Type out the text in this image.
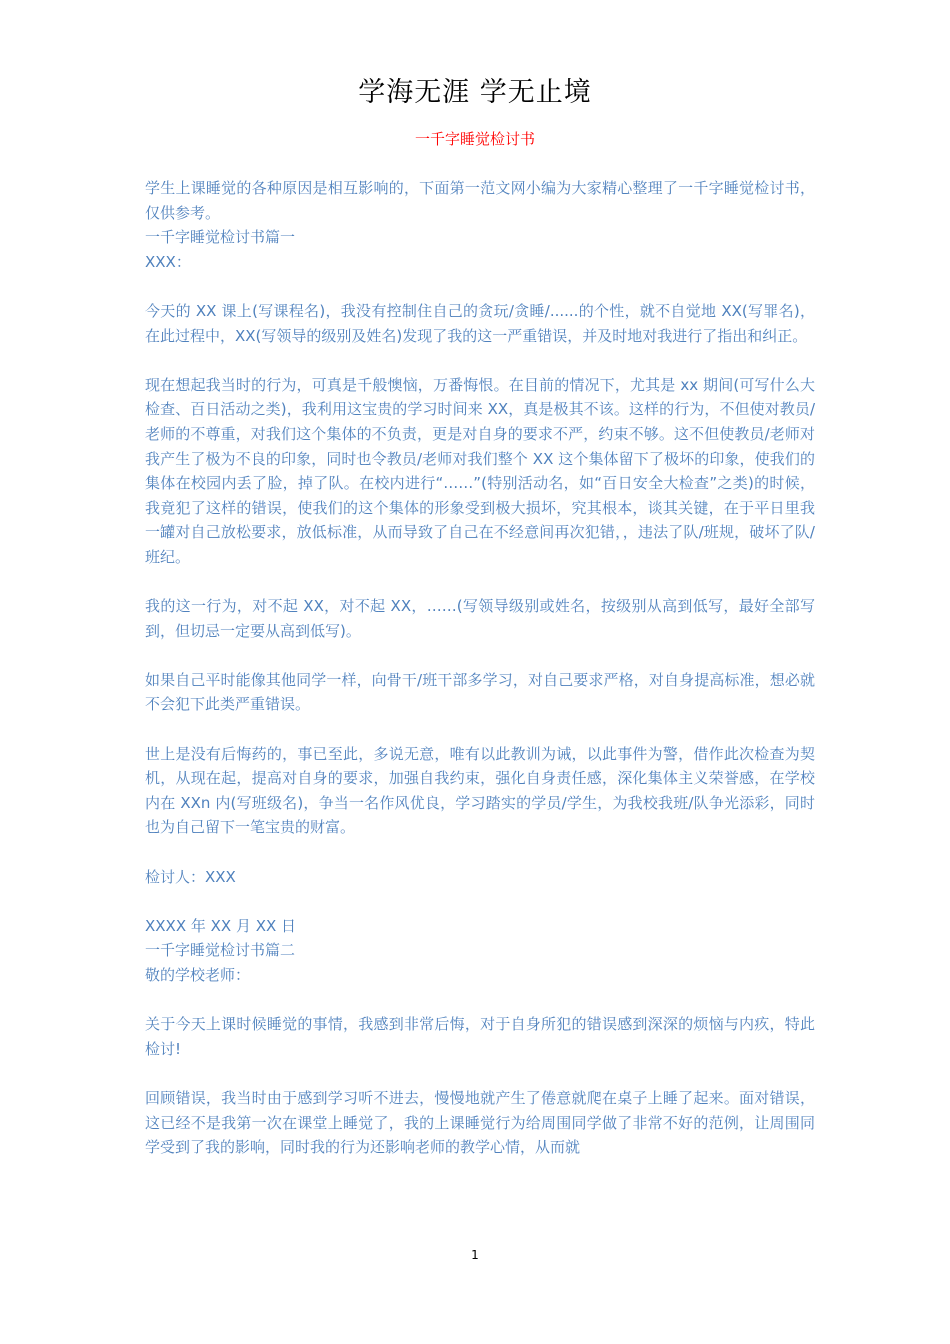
学海无涯 学无止境
一千字睡觉检讨书

学生上课睡觉的各种原因是相互影响的，下面第一范文网小编为大家精心整理了一千字睡觉检讨书，仅供参考。

一千字睡觉检讨书篇一

XXX：

今天的 XX 课上(写课程名)，我没有控制住自己的贪玩/贪睡/......的个性，就不自觉地 XX(写罪名)，在此过程中，XX(写领导的级别及姓名)发现了我的这一严重错误，并及时地对我进行了指出和纠正。

现在想起我当时的行为，可真是千般懊恼，万番悔恨。在目前的情况下，尤其是 xx 期间(可写什么大检查、百日活动之类)，我利用这宝贵的学习时间来 XX，真是极其不该。这样的行为，不但使对教员/老师的不尊重，对我们这个集体的不负责，更是对自身的要求不严，约束不够。这不但使教员/老师对我产生了极为不良的印象，同时也令教员/老师对我们整个 XX 这个集体留下了极坏的印象，使我们的集体在校园内丢了脸，掉了队。在校内进行“……”(特别活动名，如“百日安全大检查”之类)的时候，我竟犯了这样的错误，使我们的这个集体的形象受到极大损坏，究其根本，谈其关键，在于平日里我一罐对自己放松要求，放低标准，从而导致了自己在不经意间再次犯错，，违法了队/班规，破坏了队/班纪。

我的这一行为，对不起 XX，对不起 XX，……(写领导级别或姓名，按级别从高到低写，最好全部写到，但切忌一定要从高到低写)。

如果自己平时能像其他同学一样，向骨干/班干部多学习，对自己要求严格，对自身提高标准，想必就不会犯下此类严重错误。

世上是没有后悔药的，事已至此，多说无意，唯有以此教训为诫，以此事件为警，借作此次检查为契机，从现在起，提高对自身的要求，加强自我约束，强化自身责任感，深化集体主义荣誉感，在学校内在 XXn 内(写班级名)，争当一名作风优良，学习踏实的学员/学生，为我校我班/队争光添彩，同时也为自己留下一笔宝贵的财富。

检讨人：XXX

XXXX 年 XX 月 XX 日

一千字睡觉检讨书篇二

敬的学校老师：

关于今天上课时候睡觉的事情，我感到非常后悔，对于自身所犯的错误感到深深的烦恼与内疚，特此检讨!

回顾错误，我当时由于感到学习听不进去，慢慢地就产生了倦意就爬在桌子上睡了起来。面对错误，这已经不是我第一次在课堂上睡觉了，我的上课睡觉行为给周围同学做了非常不好的范例，让周围同学受到了我的影响，同时我的行为还影响老师的教学心情，从而就

1
